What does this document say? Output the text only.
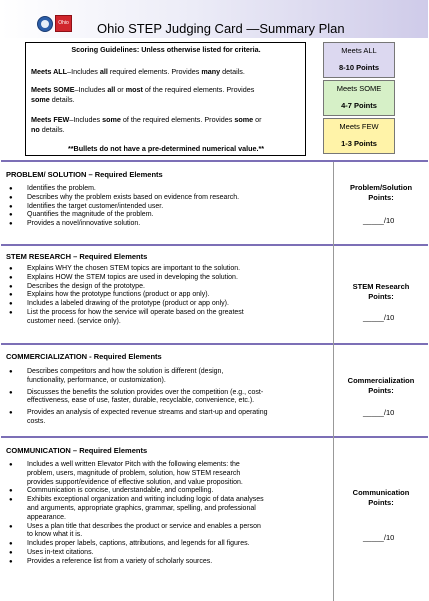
Ohio Ohio STEP Judging Card —Summary Plan
Scoring Guidelines: Unless otherwise listed for criteria.
Meets ALL–Includes all required elements. Provides many details.
Meets SOME–Includes all or most of the required elements. Provides
some details.
Meets FEW–Includes some of the required elements. Provides some or
no details.
**Bullets do not have a pre-determined numerical value.**
Meets ALL
8-10 Points
Meets SOME
4-7 Points
Meets FEW
1-3 Points
PROBLEM/ SOLUTION – Required Elements
● Identifies the problem.
● Describes why the problem exists based on evidence from research.
● Identifies the target customer/intended user.
● Quantifies the magnitude of the problem.
● Provides a novel/innovative solution.
Problem/Solution
Points:
_____/10
STEM RESEARCH – Required Elements
● Explains WHY the chosen STEM topics are important to the solution.
● Explains HOW the STEM topics are used in developing the solution.
● Describes the design of the prototype.
● Explains how the prototype functions (product or app only).
● Includes a labeled drawing of the prototype (product or app only).
● List the process for how the service will operate based on the greatest
customer need. (service only).
STEM Research
Points:
_____/10
COMMERCIALIZATION - Required Elements
● Describes competitors and how the solution is different (design,
functionality, performance, or customization).
● Discusses the benefits the solution provides over the competition (e.g., cost-
effectiveness, ease of use, faster, durable, recyclable, convenience, etc.).
● Provides an analysis of expected revenue streams and start-up and operating
costs.
Commercialization
Points:
_____/10
COMMUNICATION – Required Elements
● Includes a well written Elevator Pitch with the following elements: the
problem, users, magnitude of problem, solution, how STEM research
provides support/evidence of effective solution, and value proposition.
● Communication is concise, understandable, and compelling.
● Exhibits exceptional organization and writing including logic of data analyses
and arguments, appropriate graphics, grammar, spelling, and professional
appearance.
● Uses a plan title that describes the product or service and enables a person
to know what it is.
● Includes proper labels, captions, attributions, and legends for all figures.
● Uses in-text citations.
● Provides a reference list from a variety of scholarly sources.
Communication
Points:
_____/10
